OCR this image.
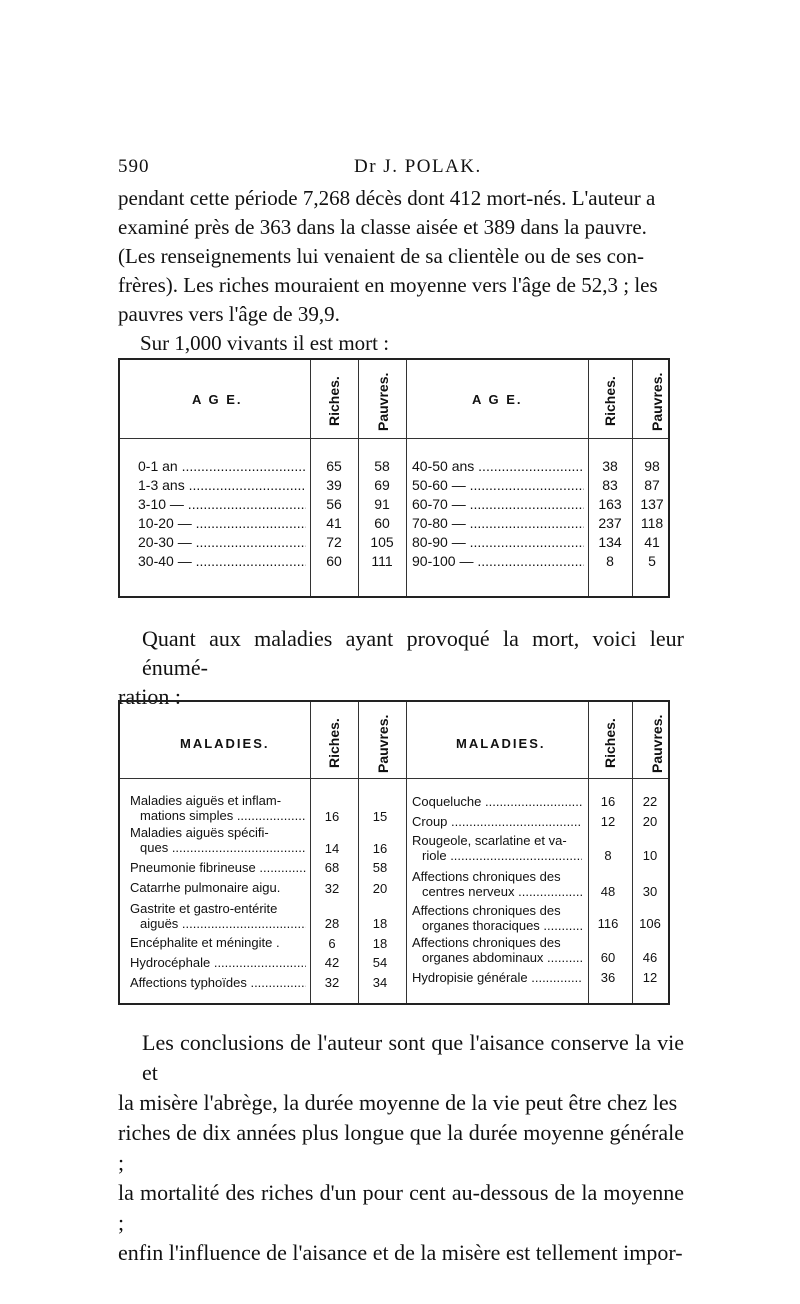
590	Dr J. POLAK.
pendant cette période 7,268 décès dont 412 mort-nés. L'auteur a
examiné près de 363 dans la classe aisée et 389 dans la pauvre.
(Les renseignements lui venaient de sa clientèle ou de ses con-
frères). Les riches mouraient en moyenne vers l'âge de 52,3 ; les
pauvres vers l'âge de 39,9.
Sur 1,000 vivants il est mort :
A G E.	Riches. Pauvres.	A G E.	Riches. Pauvres.
0-1 an .....	65	58	40-50 ans .....	38	98
1-3 ans .....	39	69	50-60 — .....	83	87
3-10 — .....	56	91	60-70 — .....	163	137
10-20 — .....	41	60	70-80 — .....	237	118
20-30 — .....	72	105	80-90 — .....	134	41
30-40 — .....	60	111	90-100 — .....	8	5
Quant aux maladies ayant provoqué la mort, voici leur énumé-
ration :
MALADIES.	Riches. Pauvres.	MALADIES.	Riches. Pauvres.
Maladies aiguës et inflam-
mations simples .....	16	15
Maladies aiguës spécifi-
ques .....	14	16
Pneumonie fibrineuse .....	68	58
Catarrhe pulmonaire aigu.	32	20
Gastrite et gastro-entérite
aiguës .....	28	18
Encéphalite et méningite .	6	18
Hydrocéphale .....	42	54
Affections typhoïdes .....	32	34
Coqueluche .....	16	22
Croup .....	12	20
Rougeole, scarlatine et va-
riole .....	8	10
Affections chroniques des
centres nerveux .....	48	30
Affections chroniques des
organes thoraciques .....	116	106
Affections chroniques des
organes abdominaux .....	60	46
Hydropisie générale .....	36	12
Les conclusions de l'auteur sont que l'aisance conserve la vie et
la misère l'abrège, la durée moyenne de la vie peut être chez les
riches de dix années plus longue que la durée moyenne générale ;
la mortalité des riches d'un pour cent au-dessous de la moyenne ;
enfin l'influence de l'aisance et de la misère est tellement impor-
